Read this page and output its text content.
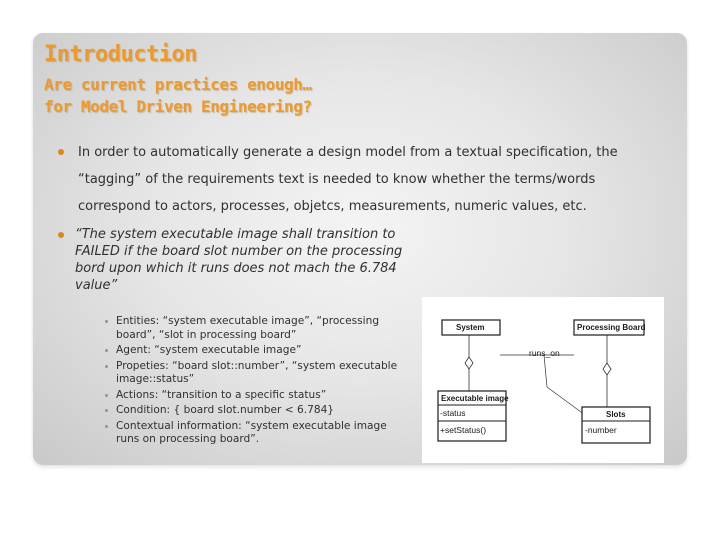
Introduction
Are current practices enough…
for Model Driven Engineering?
In order to automatically generate a design model from a textual specification, the “tagging” of the requirements text is needed to know whether the terms/words correspond to actors, processes, objetcs, measurements, numeric values, etc.
“The system executable image shall transition to FAILED if the board slot number on the processing bord upon which it runs does not mach the 6.784 value”
Entities: “system executable image”, “processing board”, “slot in processing board”
Agent: “system executable image”
Propeties: “board slot::number”, “system executable image::status”
Actions: “transition to a specific status”
Condition: { board slot.number < 6.784}
Contextual information: “system executable image runs on processing board”.
runs_on
System	Processing Board
Executable image
-status
+setStatus()
Slots
-number
